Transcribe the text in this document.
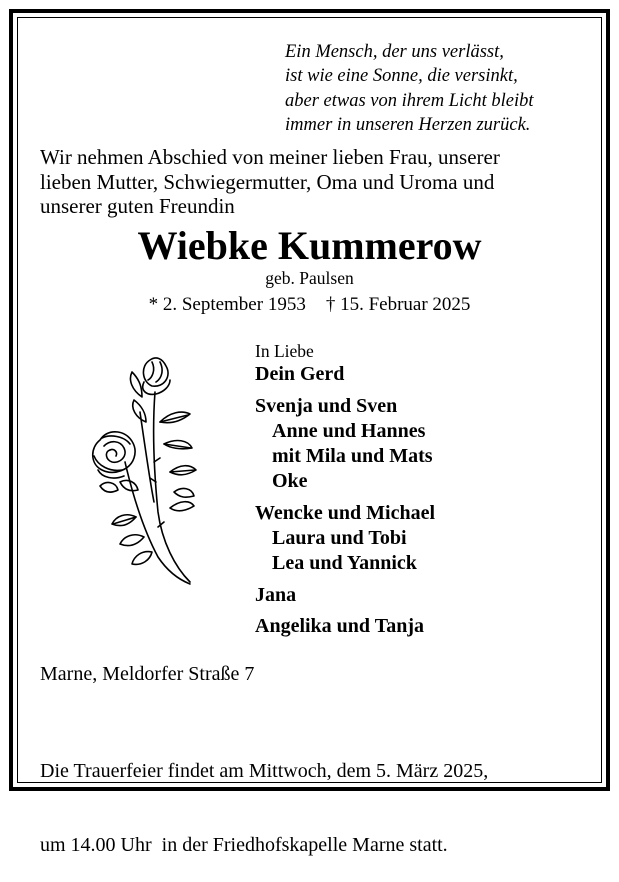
Ein Mensch, der uns verlässt,
ist wie eine Sonne, die versinkt,
aber etwas von ihrem Licht bleibt
immer in unseren Herzen zurück.
Wir nehmen Abschied von meiner lieben Frau, unserer
lieben Mutter, Schwiegermutter, Oma und Uroma und
unserer guten Freundin
Wiebke Kummerow
geb. Paulsen
* 2. September 1953 † 15. Februar 2025
In Liebe
Dein Gerd
Svenja und Sven
Anne und Hannes
mit Mila und Mats
Oke
Wencke und Michael
Laura und Tobi
Lea und Yannick
Jana
Angelika und Tanja
Marne, Meldorfer Straße 7

Die Trauerfeier findet am Mittwoch, dem 5. März 2025,

um 14.00 Uhr  in der Friedhofskapelle Marne statt.
